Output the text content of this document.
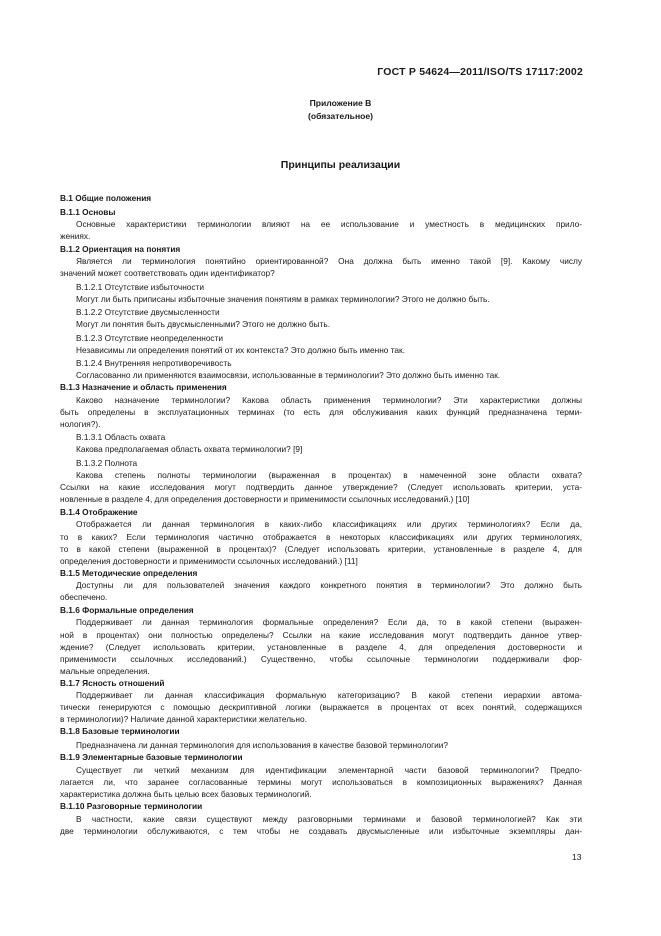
ГОСТ Р 54624—2011/ISO/TS 17117:2002
Приложение В
(обязательное)
Принципы реализации
В.1 Общие положения
В.1.1 Основы
Основные характеристики терминологии влияют на ее использование и уместность в медицинских прило-
жениях.
В.1.2 Ориентация на понятия
Является ли терминология понятийно ориентированной? Она должна быть именно такой [9]. Какому числу
значений может соответствовать один идентификатор?
В.1.2.1 Отсутствие избыточности
Могут ли быть приписаны избыточные значения понятиям в рамках терминологии? Этого не должно быть.
В.1.2.2 Отсутствие двусмысленности
Могут ли понятия быть двусмысленными? Этого не должно быть.
В.1.2.3 Отсутствие неопределенности
Независимы ли определения понятий от их контекста? Это должно быть именно так.
В.1.2.4 Внутренняя непротиворечивость
Согласованно ли применяются взаимосвязи, использованные в терминологии? Это должно быть именно так.
В.1.3 Назначение и область применения
Каково назначение терминологии? Какова область применения терминологии? Эти характеристики должны
быть определены в эксплуатационных терминах (то есть для обслуживания каких функций предназначена терми-
нология?).
В.1.3.1 Область охвата
Какова предполагаемая область охвата терминологии? [9]
В.1.3.2 Полнота
Какова степень полноты терминологии (выраженная в процентах) в намеченной зоне области охвата?
Ссылки на какие исследования могут подтвердить данное утверждение? (Следует использовать критерии, уста-
новленные в разделе 4, для определения достоверности и применимости ссылочных исследований.) [10]
В.1.4 Отображение
Отображается ли данная терминология в каких-либо классификациях или других терминологиях? Если да,
то в каких? Если терминология частично отображается в некоторых классификациях или других терминологиях,
то в какой степени (выраженной в процентах)? (Следует использовать критерии, установленные в разделе 4, для
определения достоверности и применимости ссылочных исследований.) [11]
В.1.5 Методические определения
Доступны ли для пользователей значения каждого конкретного понятия в терминологии? Это должно быть
обеспечено.
В.1.6 Формальные определения
Поддерживает ли данная терминология формальные определения? Если да, то в какой степени (выражен-
ной в процентах) они полностью определены? Ссылки на какие исследования могут подтвердить данное утвер-
ждение? (Следует использовать критерии, установленные в разделе 4, для определения достоверности и
применимости ссылочных исследований.) Существенно, чтобы ссылочные терминологии поддерживали фор-
мальные определения.
В.1.7 Ясность отношений
Поддерживает ли данная классификация формальную категоризацию? В какой степени иерархии автома-
тически генерируются с помощью дескриптивной логики (выражается в процентах от всех понятий, содержащихся
в терминологии)? Наличие данной характеристики желательно.
В.1.8 Базовые терминологии
Предназначена ли данная терминология для использования в качестве базовой терминологии?
В.1.9 Элементарные базовые терминологии
Существует ли четкий механизм для идентификации элементарной части базовой терминологии? Предпо-
лагается ли, что заранее согласованные термины могут использоваться в композиционных выражениях? Данная
характеристика должна быть целью всех базовых терминологий.
В.1.10 Разговорные терминологии
В частности, какие связи существуют между разговорными терминами и базовой терминологией? Как эти
две терминологии обслуживаются, с тем чтобы не создавать двусмысленные или избыточные экземпляры дан-
13
